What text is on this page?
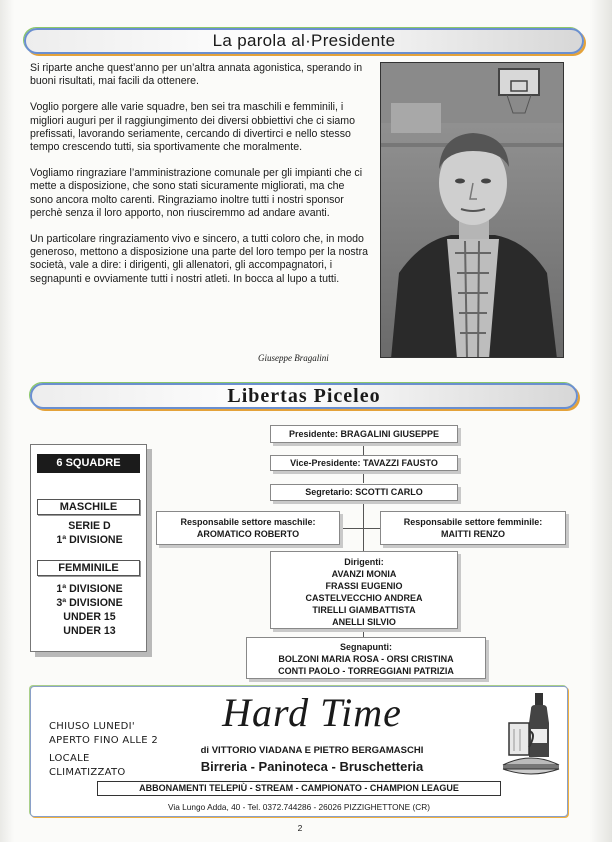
La parola al·Presidente

Si riparte anche quest’anno per un’altra annata agonistica, sperando in buoni risultati, mai facili da ottenere.

Voglio porgere alle varie squadre, ben sei tra maschili e femminili, i migliori auguri per il raggiungimento dei diversi obbiettivi che ci siamo prefissati, lavorando seriamente, cercando di divertirci e nello stesso tempo crescendo tutti, sia sportivamente che moralmente.

Vogliamo ringraziare l’amministrazione comunale per gli impianti che ci mette a disposizione, che sono stati sicuramente migliorati, ma che sono ancora molto carenti. Ringraziamo inoltre tutti i nostri sponsor perchè senza il loro apporto, non riusciremmo ad andare avanti.

Un particolare ringraziamento vivo e sincero, a tutti coloro che, in modo generoso, mettono a disposizione una parte del loro tempo per la nostra società, vale a dire: i dirigenti, gli allenatori, gli accompagnatori, i segnapunti e ovviamente tutti i nostri atleti. In bocca al lupo a tutti.

Giuseppe Bragalini
Libertas Piceleo
6 SQUADRE
MASCHILE
SERIE D
1ª DIVISIONE
FEMMINILE
1ª DIVISIONE
3ª DIVISIONE
UNDER 15
UNDER 13
Presidente: BRAGALINI GIUSEPPE
Vice-Presidente: TAVAZZI FAUSTO
Segretario: SCOTTI CARLO
Responsabile settore maschile:
AROMATICO ROBERTO
Responsabile settore femminile:
MAITTI RENZO
Dirigenti:
AVANZI MONIA
FRASSI EUGENIO
CASTELVECCHIO ANDREA
TIRELLI GIAMBATTISTA
ANELLI SILVIO
Segnapunti:
BOLZONI MARIA ROSA - ORSI CRISTINA
CONTI PAOLO - TORREGGIANI PATRIZIA
CHIUSO LUNEDI'
APERTO FINO ALLE 2
LOCALE
CLIMATIZZATO
Hard Time
di VITTORIO VIADANA E PIETRO BERGAMASCHI
Birreria - Paninoteca - Bruschetteria
ABBONAMENTI TELEPIÙ - STREAM - CAMPIONATO - CHAMPION LEAGUE
Via Lungo Adda, 40 - Tel. 0372.744286 - 26026 PIZZIGHETTONE (CR)
2
